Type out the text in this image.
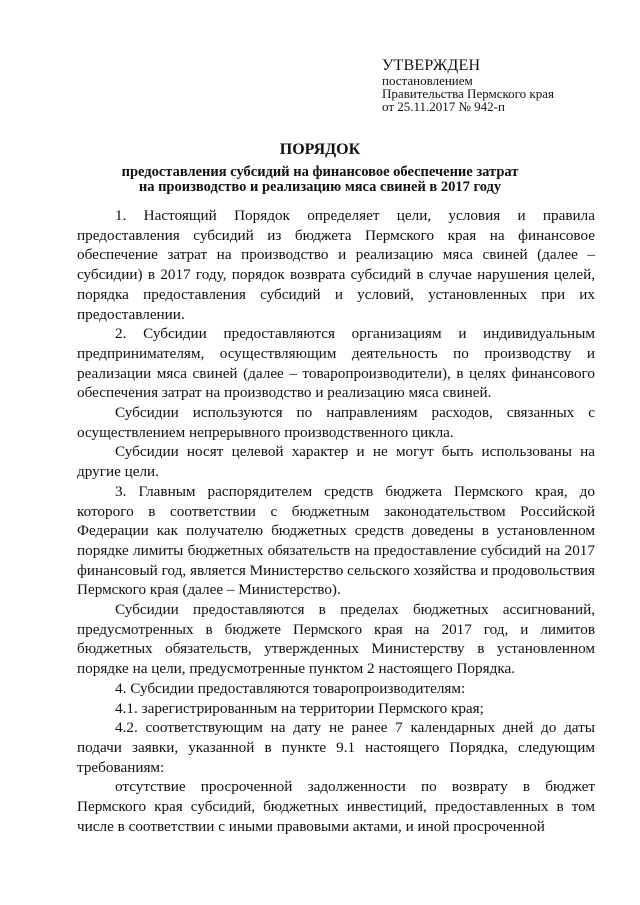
УТВЕРЖДЕН
постановлением
Правительства Пермского края
от 25.11.2017 № 942-п
ПОРЯДОК
предоставления субсидий на финансовое обеспечение затрат
на производство и реализацию мяса свиней в 2017 году

1. Настоящий Порядок определяет цели, условия и правила предоставления субсидий из бюджета Пермского края на финансовое обеспечение затрат на производство и реализацию мяса свиней (далее – субсидии) в 2017 году, порядок возврата субсидий в случае нарушения целей, порядка предоставления субсидий и условий, установленных при их предоставлении.

2. Субсидии предоставляются организациям и индивидуальным предпринимателям, осуществляющим деятельность по производству и реализации мяса свиней (далее – товаропроизводители), в целях финансового обеспечения затрат на производство и реализацию мяса свиней.

Субсидии используются по направлениям расходов, связанных с осуществлением непрерывного производственного цикла.

Субсидии носят целевой характер и не могут быть использованы на другие цели.

3. Главным распорядителем средств бюджета Пермского края, до которого в соответствии с бюджетным законодательством Российской Федерации как получателю бюджетных средств доведены в установленном порядке лимиты бюджетных обязательств на предоставление субсидий на 2017 финансовый год, является Министерство сельского хозяйства и продовольствия Пермского края (далее – Министерство).

Субсидии предоставляются в пределах бюджетных ассигнований, предусмотренных в бюджете Пермского края на 2017 год, и лимитов бюджетных обязательств, утвержденных Министерству в установленном порядке на цели, предусмотренные пунктом 2 настоящего Порядка.

4. Субсидии предоставляются товаропроизводителям:

4.1. зарегистрированным на территории Пермского края;

4.2. соответствующим на дату не ранее 7 календарных дней до даты подачи заявки, указанной в пункте 9.1 настоящего Порядка, следующим требованиям:

отсутствие просроченной задолженности по возврату в бюджет Пермского края субсидий, бюджетных инвестиций, предоставленных в том числе в соответствии с иными правовыми актами, и иной просроченной
